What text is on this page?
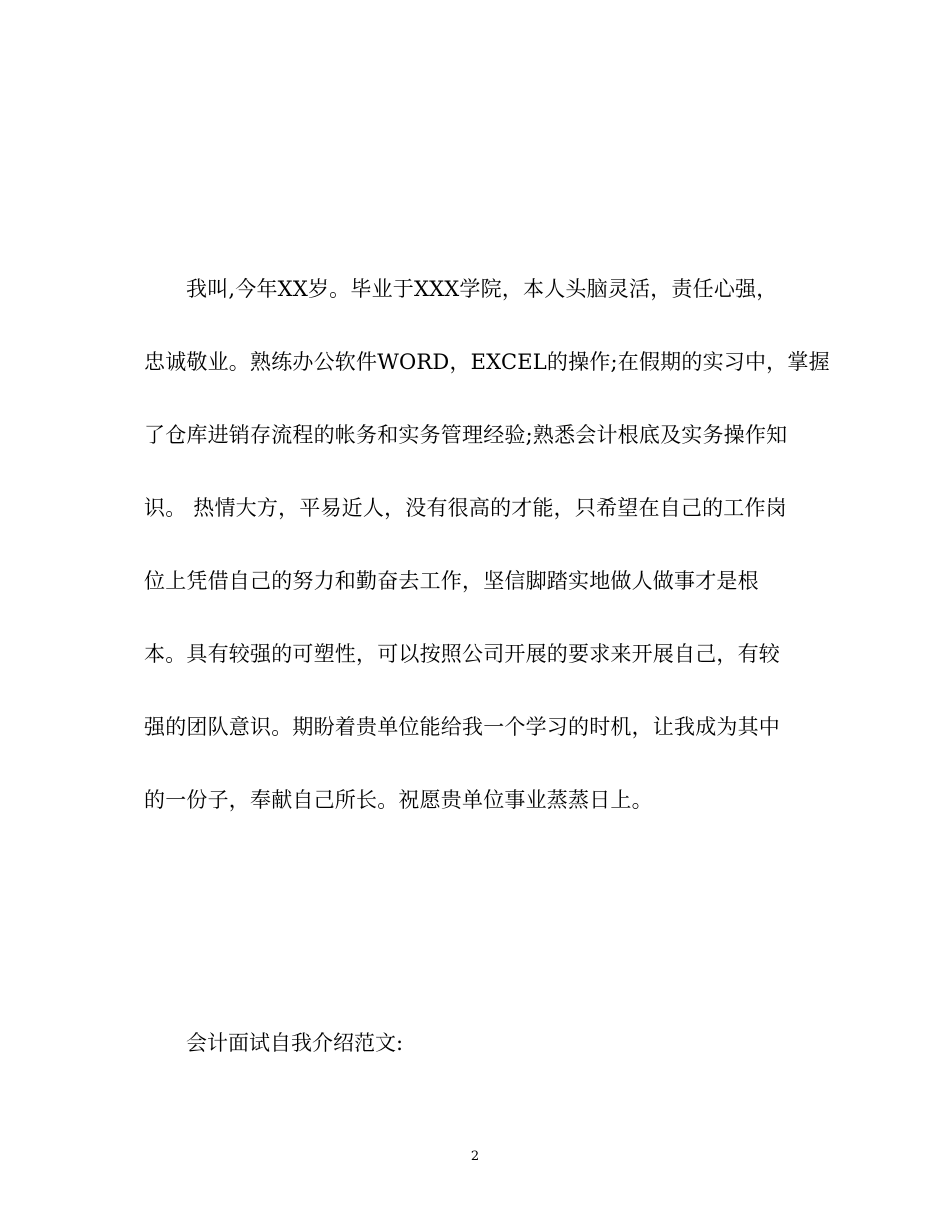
我叫,今年XX岁。毕业于XXX学院，本人头脑灵活，责任心强，
忠诚敬业。熟练办公软件WORD，EXCEL的操作;在假期的实习中，掌握
了仓库进销存流程的帐务和实务管理经验;熟悉会计根底及实务操作知
识。 热情大方，平易近人，没有很高的才能，只希望在自己的工作岗
位上凭借自己的努力和勤奋去工作，坚信脚踏实地做人做事才是根
本。具有较强的可塑性，可以按照公司开展的要求来开展自己，有较
强的团队意识。期盼着贵单位能给我一个学习的时机，让我成为其中
的一份子，奉献自己所长。祝愿贵单位事业蒸蒸日上。
会计面试自我介绍范文:
2
